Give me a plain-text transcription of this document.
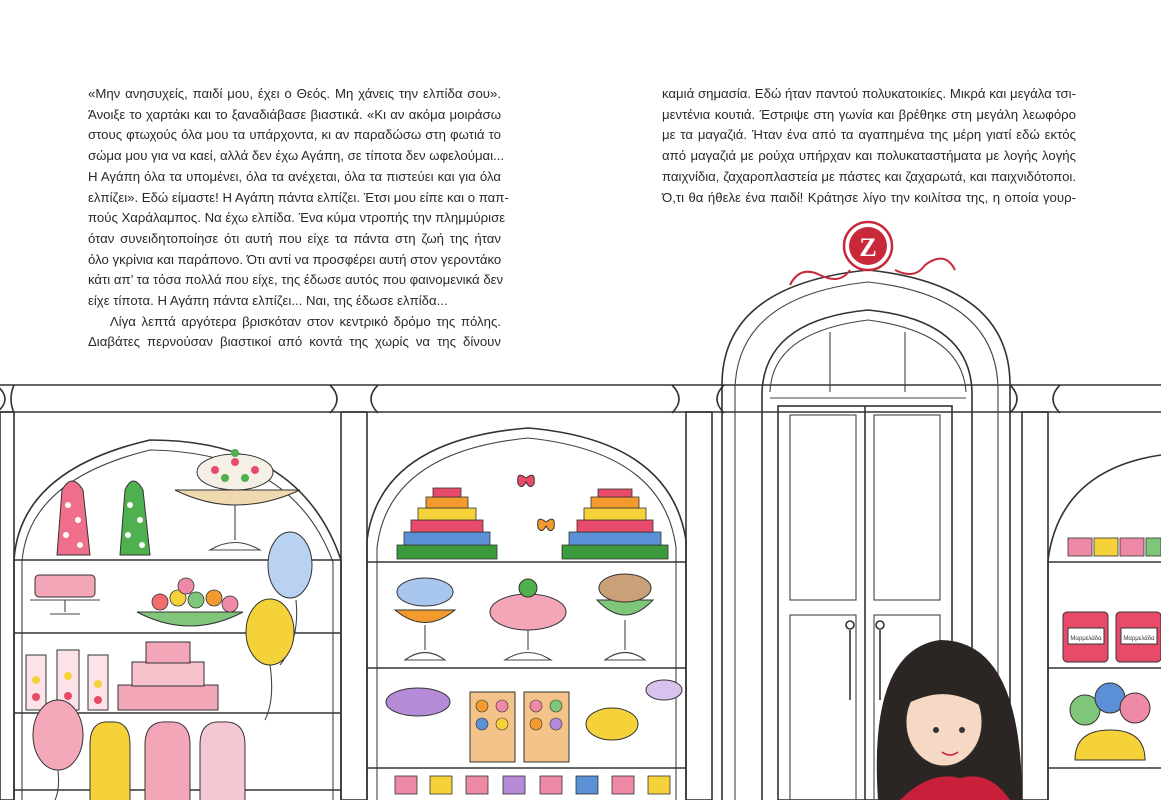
Z
Μαρμελάδα	Μαρμελάδα
«Μην ανησυχείς, παιδί μου, έχει ο Θεός. Μη χάνεις την ελπίδα σου».
Άνοιξε το χαρτάκι και το ξαναδιάβασε βιαστικά. «Κι αν ακόμα μοιράσω
στους φτωχούς όλα μου τα υπάρχοντα, κι αν παραδώσω στη φωτιά το
σώμα μου για να καεί, αλλά δεν έχω Αγάπη, σε τίποτα δεν ωφελούμαι...
Η Αγάπη όλα τα υπομένει, όλα τα ανέχεται, όλα τα πιστεύει και για όλα
ελπίζει». Εδώ είμαστε! Η Αγάπη πάντα ελπίζει. Έτσι μου είπε και ο παπ-
πούς Χαράλαμπος. Να έχω ελπίδα. Ένα κύμα ντροπής την πλημμύρισε
όταν συνειδητοποίησε ότι αυτή που είχε τα πάντα στη ζωή της ήταν
όλο γκρίνια και παράπονο. Ότι αντί να προσφέρει αυτή στον γεροντάκο
κάτι απ’ τα τόσα πολλά που είχε, της έδωσε αυτός που φαινομενικά δεν
είχε τίποτα. Η Αγάπη πάντα ελπίζει... Ναι, της έδωσε ελπίδα...
Λίγα λεπτά αργότερα βρισκόταν στον κεντρικό δρόμο της πόλης.
Διαβάτες περνούσαν βιαστικοί από κοντά της χωρίς να της δίνουν
καμιά σημασία. Εδώ ήταν παντού πολυκατοικίες. Μικρά και μεγάλα τσι-
μεντένια κουτιά. Έστριψε στη γωνία και βρέθηκε στη μεγάλη λεωφόρο
με τα μαγαζιά. Ήταν ένα από τα αγαπημένα της μέρη γιατί εδώ εκτός
από μαγαζιά με ρούχα υπήρχαν και πολυκαταστήματα με λογής λογής
παιχνίδια, ζαχαροπλαστεία με πάστες και ζαχαρωτά, και παιχνιδότοποι.
Ό,τι θα ήθελε ένα παιδί! Κράτησε λίγο την κοιλίτσα της, η οποία γουρ-
